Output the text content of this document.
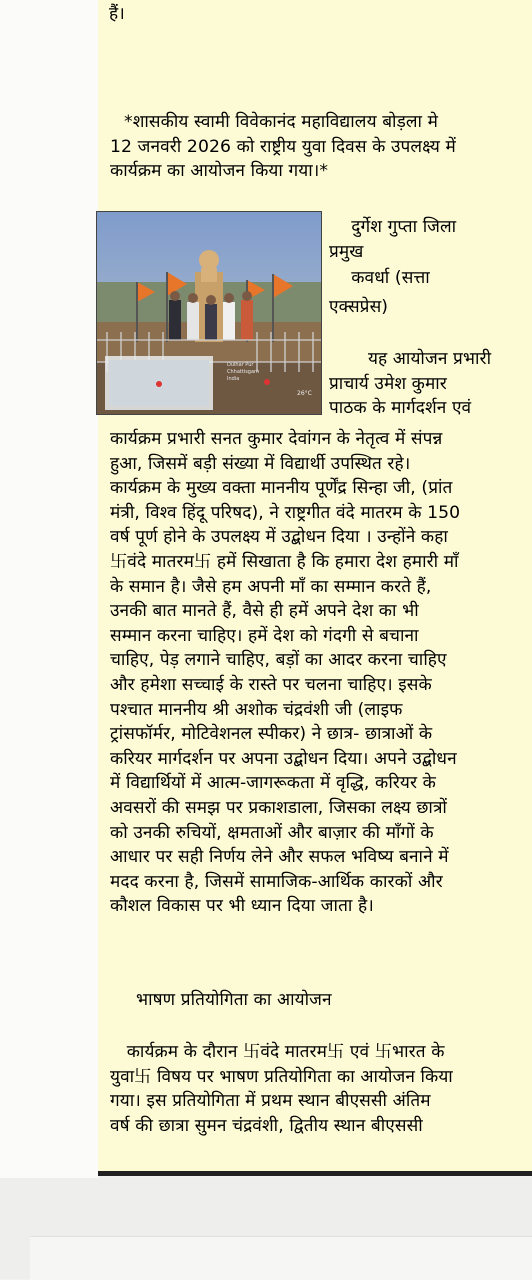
हैं।
*शासकीय स्वामी विवेकानंद महाविद्यालय बोड़ला मे
12 जनवरी 2026 को राष्ट्रीय युवा दिवस के उपलक्ष्य में
कार्यक्रम का आयोजन किया गया।*
Dulhar Pur
Chhattisgarh
India
26°C
दुर्गेश गुप्ता जिला
प्रमुख
कवर्धा (सत्ता
एक्सप्रेस)
यह आयोजन प्रभारी
प्राचार्य उमेश कुमार
पाठक के मार्गदर्शन एवं
कार्यक्रम प्रभारी सनत कुमार देवांगन के नेतृत्व में संपन्न
हुआ, जिसमें बड़ी संख्या में विद्यार्थी उपस्थित रहे।
कार्यक्रम के मुख्य वक्ता माननीय पूर्णेंद्र सिन्हा जी, (प्रांत
मंत्री, विश्व हिंदू परिषद), ने राष्ट्रगीत वंदे मातरम के 150
वर्ष पूर्ण होने के उपलक्ष्य में उद्बोधन दिया । उन्होंने कहा
卐वंदे मातरम卐 हमें सिखाता है कि हमारा देश हमारी माँ
के समान है। जैसे हम अपनी माँ का सम्मान करते हैं,
उनकी बात मानते हैं, वैसे ही हमें अपने देश का भी
सम्मान करना चाहिए। हमें देश को गंदगी से बचाना
चाहिए, पेड़ लगाने चाहिए, बड़ों का आदर करना चाहिए
और हमेशा सच्चाई के रास्ते पर चलना चाहिए। इसके
पश्चात माननीय श्री अशोक चंद्रवंशी जी (लाइफ
ट्रांसफॉर्मर, मोटिवेशनल स्पीकर) ने छात्र- छात्राओं के
करियर मार्गदर्शन पर अपना उद्बोधन दिया। अपने उद्बोधन
में विद्यार्थियों में आत्म-जागरूकता में वृद्धि, करियर के
अवसरों की समझ पर प्रकाशडाला, जिसका लक्ष्य छात्रों
को उनकी रुचियों, क्षमताओं और बाज़ार की माँगों के
आधार पर सही निर्णय लेने और सफल भविष्य बनाने में
मदद करना है, जिसमें सामाजिक-आर्थिक कारकों और
कौशल विकास पर भी ध्यान दिया जाता है।
भाषण प्रतियोगिता का आयोजन
कार्यक्रम के दौरान 卐वंदे मातरम卐 एवं 卐भारत के
युवा卐 विषय पर भाषण प्रतियोगिता का आयोजन किया
गया। इस प्रतियोगिता में प्रथम स्थान बीएससी अंतिम
वर्ष की छात्रा सुमन चंद्रवंशी, द्वितीय स्थान बीएससी
